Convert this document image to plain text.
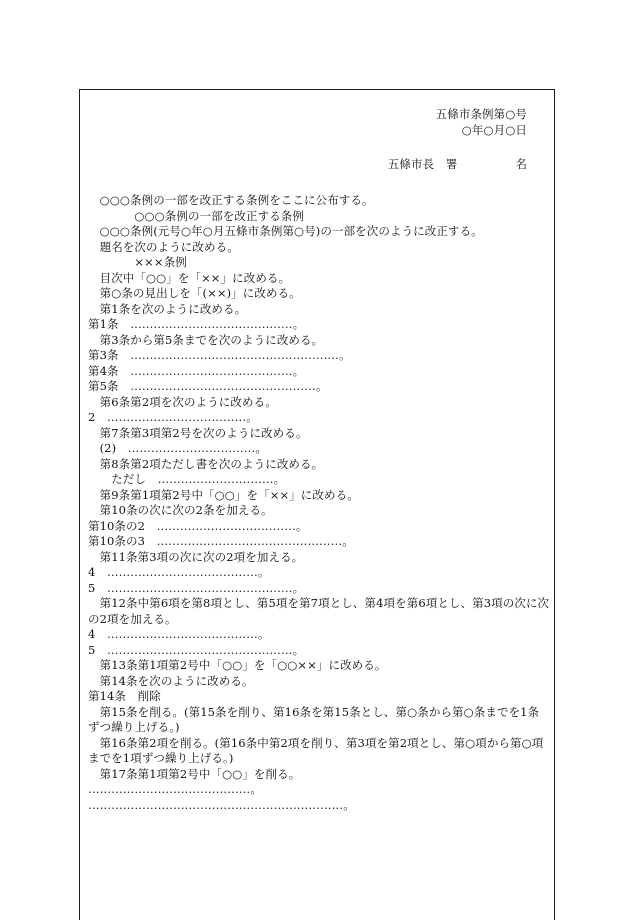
五條市条例第○号
○年○月○日
五條市長　署　　　　　名
　○○○条例の一部を改正する条例をここに公布する。
　　　　○○○条例の一部を改正する条例
　○○○条例(元号○年○月五條市条例第○号)の一部を次のように改正する。
　題名を次のように改める。
　　　　×××条例
　目次中「○○」を「××」に改める。
　第○条の見出しを「(××)」に改める。
　第1条を次のように改める。
第1条　……………………………………。
　第3条から第5条までを次のように改める。
第3条　………………………………………………。
第4条　……………………………………。
第5条　…………………………………………。
　第6条第2項を次のように改める。
2　………………………………。
　第7条第3項第2号を次のように改める。
　(2)　……………………………。
　第8条第2項ただし書を次のように改める。
　　ただし　…………………………。
　第9条第1項第2号中「○○」を「××」に改める。
　第10条の次に次の2条を加える。
第10条の2　………………………………。
第10条の3　…………………………………………。
　第11条第3項の次に次の2項を加える。
4　…………………………………。
5　…………………………………………。
　第12条中第6項を第8項とし、第5項を第7項とし、第4項を第6項とし、第3項の次に次
の2項を加える。
4　…………………………………。
5　…………………………………………。
　第13条第1項第2号中「○○」を「○○××」に改める。
　第14条を次のように改める。
第14条　削除
　第15条を削る。(第15条を削り、第16条を第15条とし、第○条から第○条までを1条
ずつ繰り上げる。)
　第16条第2項を削る。(第16条中第2項を削り、第3項を第2項とし、第○項から第○項
までを1項ずつ繰り上げる。)
　第17条第1項第2号中「○○」を削る。
……………………………………。
…………………………………………………………。
